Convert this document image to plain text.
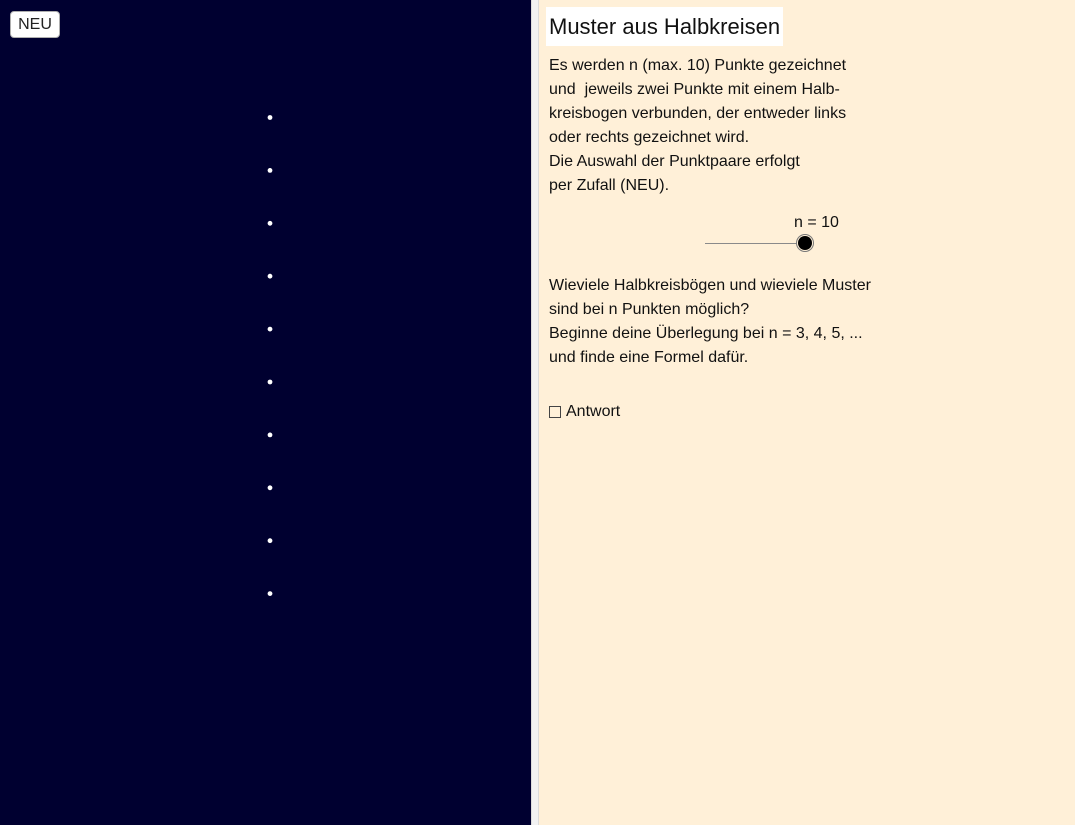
NEU	Muster aus Halbkreisen
Es werden n (max. 10) Punkte gezeichnet
und  jeweils zwei Punkte mit einem Halb-
kreisbogen verbunden, der entweder links
oder rechts gezeichnet wird.
Die Auswahl der Punktpaare erfolgt
per Zufall (NEU).
n = 10
Wieviele Halbkreisbögen und wieviele Muster
sind bei n Punkten möglich?
Beginne deine Überlegung bei n = 3, 4, 5, ...
und finde eine Formel dafür.
Antwort
